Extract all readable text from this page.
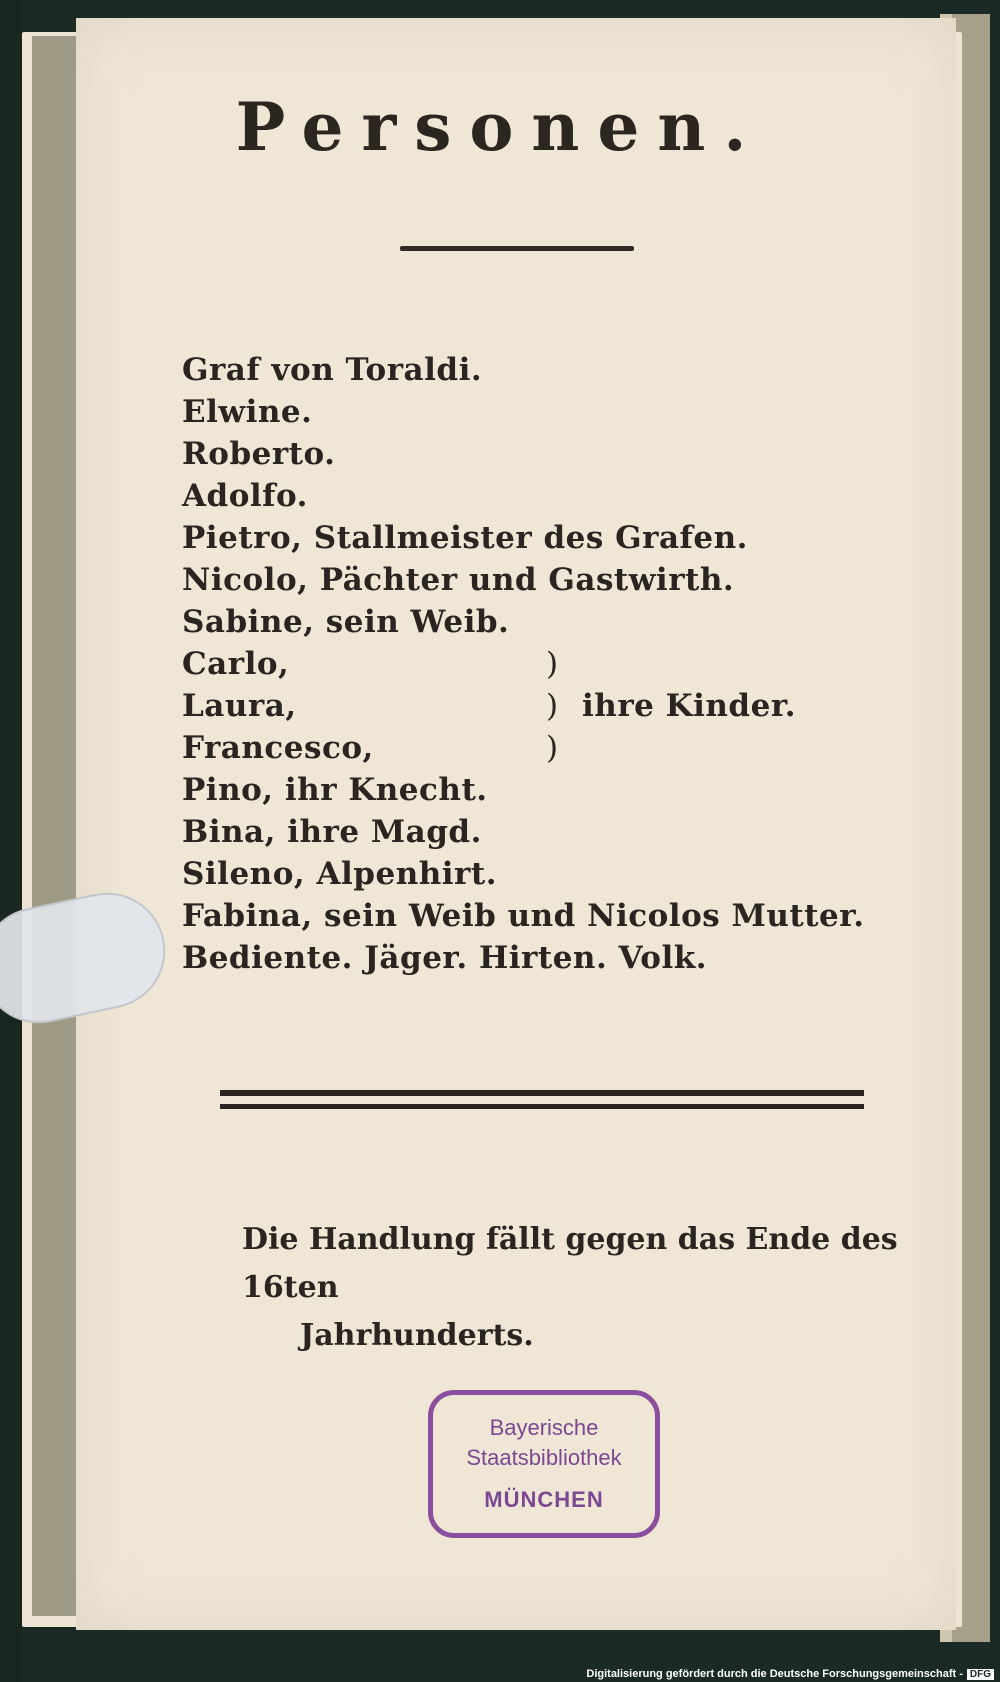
Personen.
Graf von Toraldi.
Elwine.
Roberto.
Adolfo.
Pietro, Stallmeister des Grafen.
Nicolo, Pächter und Gastwirth.
Sabine, sein Weib.
Carlo,	)
Laura,	) ihre Kinder.
Francesco,	)
Pino, ihr Knecht.
Bina, ihre Magd.
Sileno, Alpenhirt.
Fabina, sein Weib und Nicolos Mutter.
Bediente. Jäger. Hirten. Volk.
Die Handlung fällt gegen das Ende des 16ten
Jahrhunderts.
Bayerische
Staatsbibliothek
MÜNCHEN
Digitalisierung gefördert durch die Deutsche Forschungsgemeinschaft - DFG
